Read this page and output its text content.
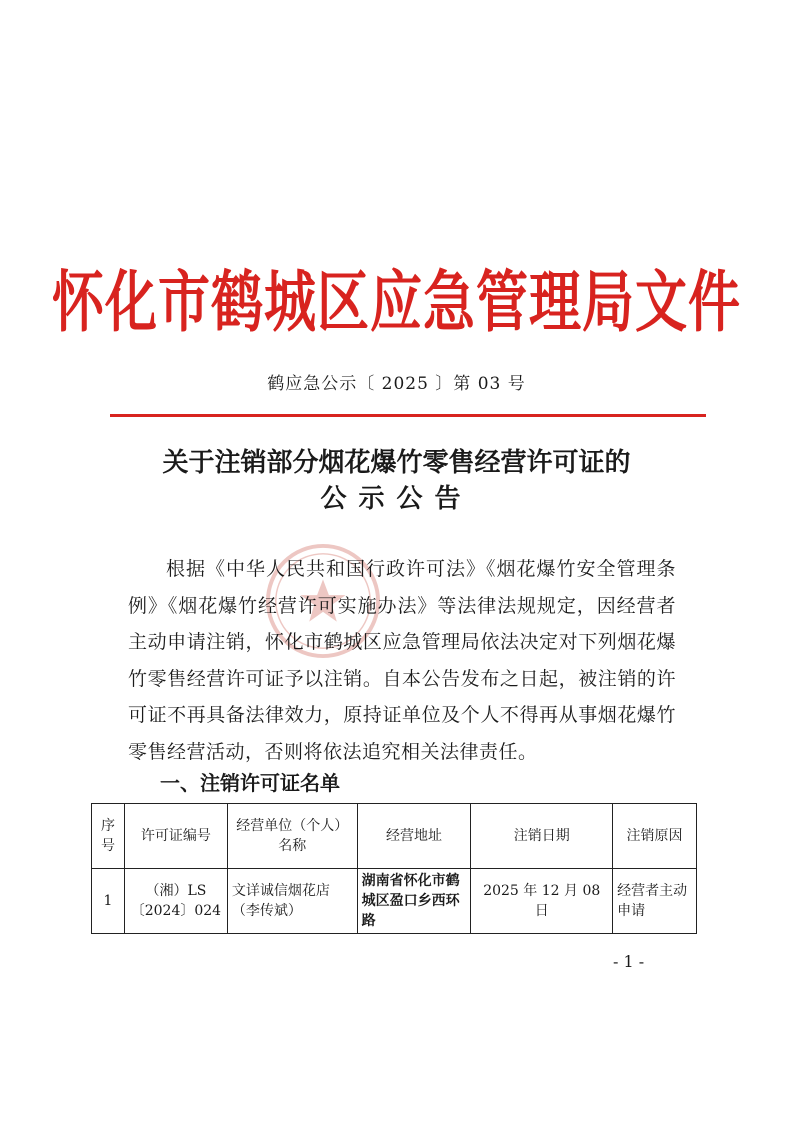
怀化市鹤城区应急管理局文件
鹤应急公示〔 2025 〕第 03 号
关于注销部分烟花爆竹零售经营许可证的
公示公告
根据《中华人民共和国行政许可法》《烟花爆竹安全管理条例》《烟花爆竹经营许可实施办法》等法律法规规定，因经营者主动申请注销，怀化市鹤城区应急管理局依法决定对下列烟花爆竹零售经营许可证予以注销。自本公告发布之日起，被注销的许可证不再具备法律效力，原持证单位及个人不得再从事烟花爆竹零售经营活动，否则将依法追究相关法律责任。
一、注销许可证名单
序号	许可证编号	经营单位（个人）名称	经营地址	注销日期	注销原因
1	（湘）LS〔2024〕024	文详诚信烟花店（李传斌）	湖南省怀化市鹤城区盈口乡西环路	2025 年 12 月 08 日	经营者主动申请
- 1 -
